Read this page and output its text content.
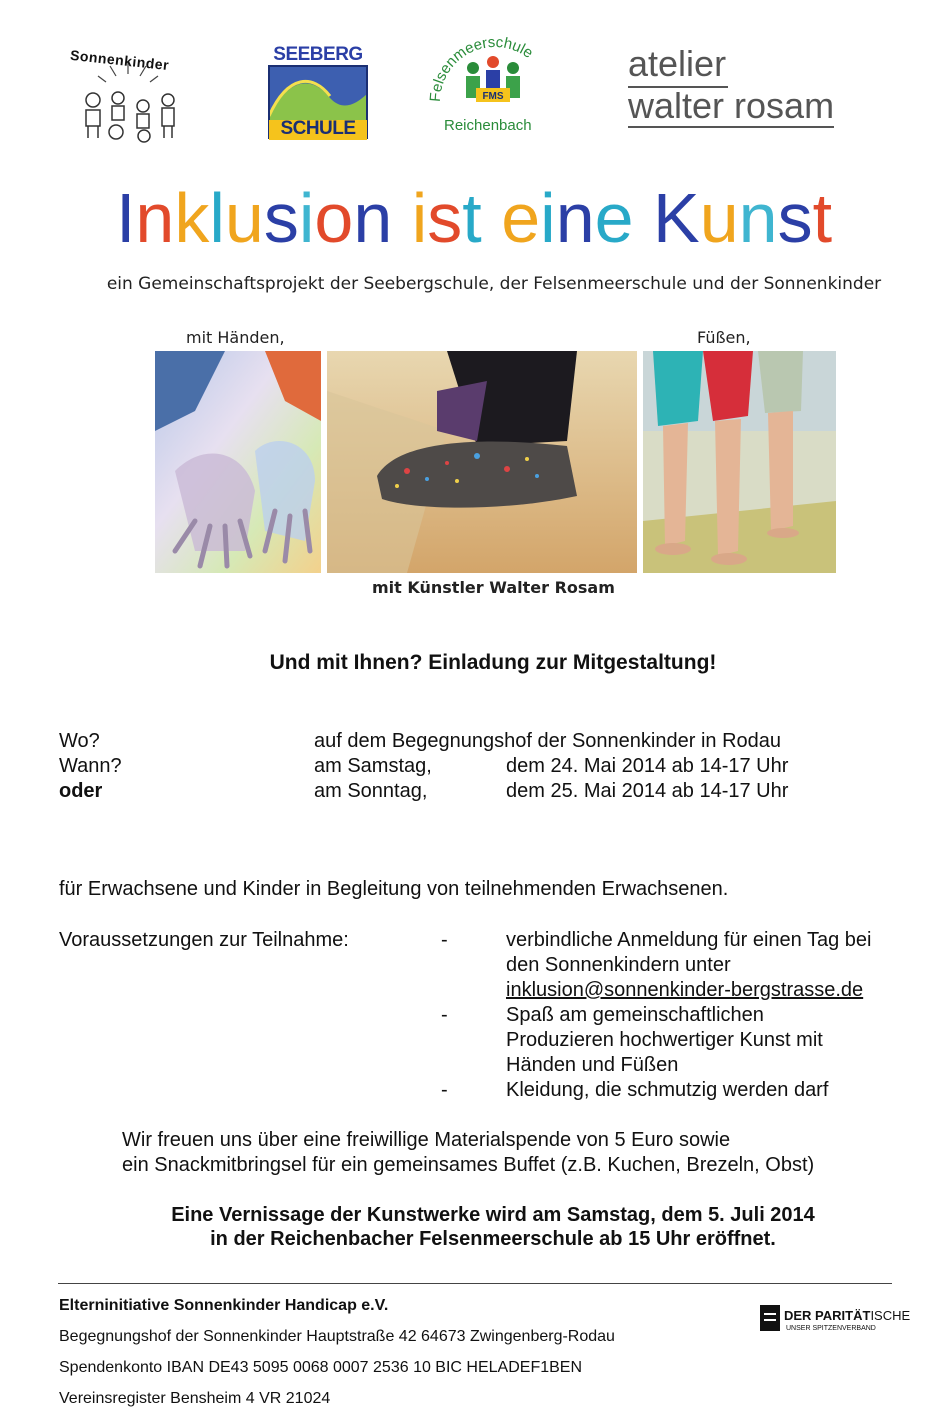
Sonnenkinder	SEEBERG
SCHULE
Felsenmeerschule
FMS
Reichenbach
atelier
walter rosam
Inklusion ist eine Kunst
ein Gemeinschaftsprojekt der Seebergschule, der Felsenmeerschule und der Sonnenkinder
mit Händen,	Füßen,
mit Künstler Walter Rosam
Und mit Ihnen? Einladung zur Mitgestaltung!
Wo?	auf dem Begegnungshof der Sonnenkinder in Rodau
Wann?	am Samstag,	dem 24. Mai 2014 ab 14-17 Uhr
oder	am Sonntag,	dem 25. Mai 2014 ab 14-17 Uhr
für Erwachsene und Kinder in Begleitung von teilnehmenden Erwachsenen.
Voraussetzungen zur Teilnahme:	-	verbindliche Anmeldung für einen Tag bei
den Sonnenkindern unter
inklusion@sonnenkinder-bergstrasse.de
-	Spaß am gemeinschaftlichen
Produzieren hochwertiger Kunst mit
Händen und Füßen
-	Kleidung, die schmutzig werden darf
Wir freuen uns über eine freiwillige Materialspende von 5 Euro sowie
ein Snackmitbringsel für ein gemeinsames Buffet (z.B. Kuchen, Brezeln, Obst)
Eine Vernissage der Kunstwerke wird am Samstag, dem 5. Juli 2014
in der Reichenbacher Felsenmeerschule ab 15 Uhr eröffnet.
Elterninitiative Sonnenkinder Handicap e.V.
Begegnungshof der Sonnenkinder Hauptstraße 42 64673 Zwingenberg-Rodau
Spendenkonto IBAN DE43 5095 0068 0007 2536 10 BIC HELADEF1BEN
Vereinsregister Bensheim 4 VR 21024
DER PARITÄTISCHE
UNSER SPITZENVERBAND
